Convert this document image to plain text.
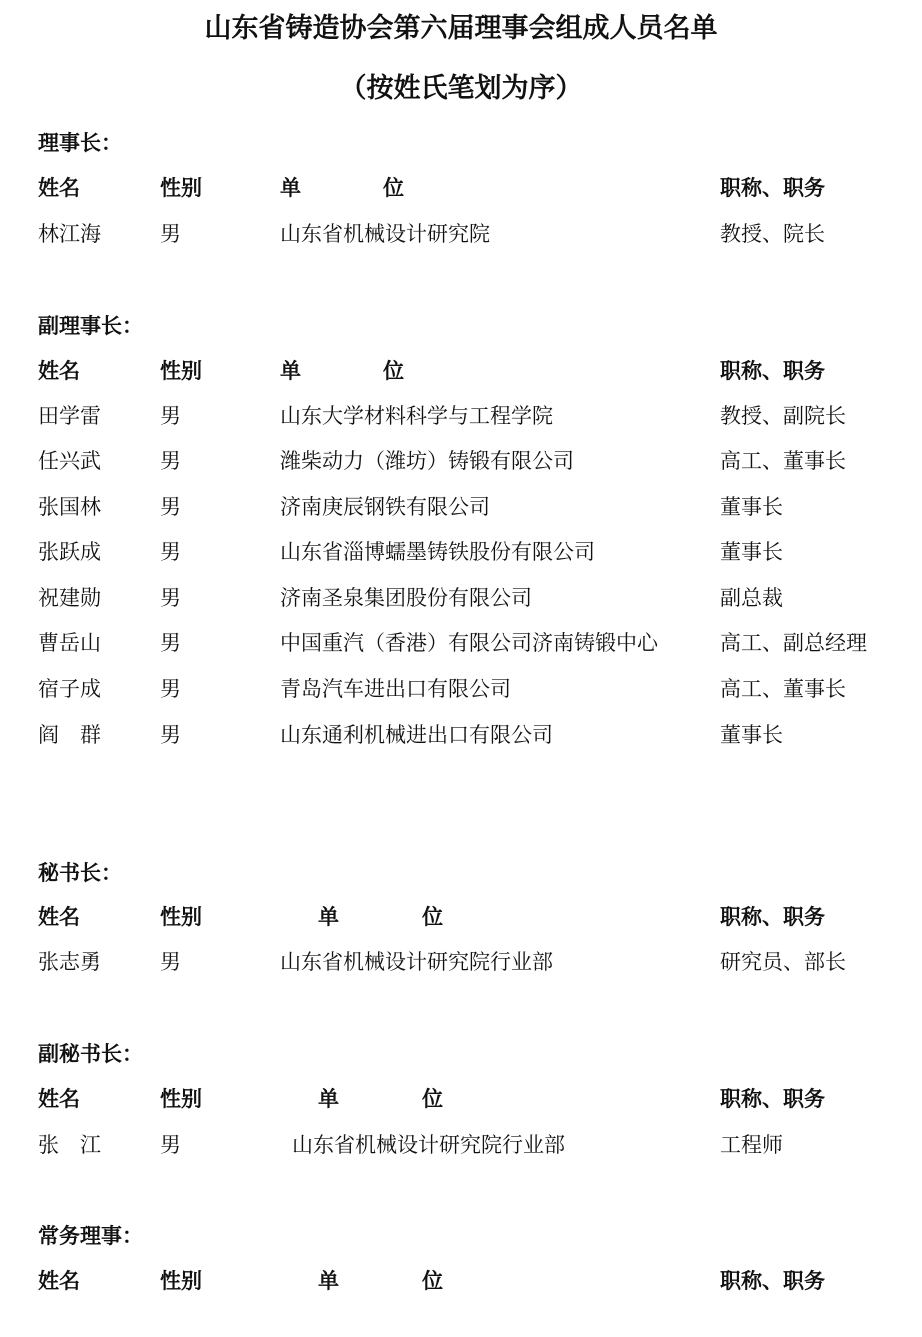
山东省铸造协会第六届理事会组成人员名单
（按姓氏笔划为序）
理事长：
姓名	性别	单	位	职称、职务
林江海	男	山东省机械设计研究院	教授、院长
副理事长：
姓名	性别	单	位	职称、职务
田学雷	男	山东大学材料科学与工程学院	教授、副院长
任兴武	男	潍柴动力（潍坊）铸锻有限公司	高工、董事长
张国林	男	济南庚辰钢铁有限公司	董事长
张跃成	男	山东省淄博蠕墨铸铁股份有限公司	董事长
祝建勋	男	济南圣泉集团股份有限公司	副总裁
曹岳山	男	中国重汽（香港）有限公司济南铸锻中心	高工、副总经理
宿子成	男	青岛汽车进出口有限公司	高工、董事长
阎　群	男	山东通利机械进出口有限公司	董事长
秘书长：
姓名	性别	单	位	职称、职务
张志勇	男	山东省机械设计研究院行业部	研究员、部长
副秘书长：
姓名	性别	单	位	职称、职务
张　江	男	山东省机械设计研究院行业部	工程师
常务理事：
姓名	性别	单	位	职称、职务
